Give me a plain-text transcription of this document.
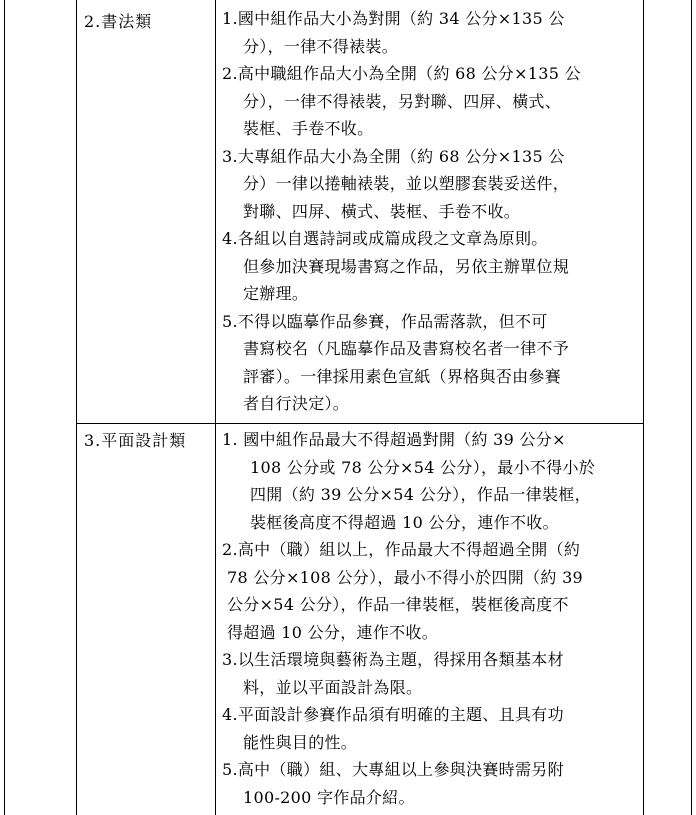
2.書法類	1.國中組作品大小為對開（約 34 公分×135 公
分），一律不得裱裝。
2.高中職組作品大小為全開（約 68 公分×135 公
分），一律不得裱裝，另對聯、四屏、橫式、
裝框、手卷不收。
3.大專組作品大小為全開（約 68 公分×135 公
分）一律以捲軸裱裝，並以塑膠套裝妥送件，
對聯、四屏、橫式、裝框、手卷不收。
4.各組以自選詩詞或成篇成段之文章為原則。
但參加決賽現場書寫之作品，另依主辦單位規
定辦理。
5.不得以臨摹作品參賽，作品需落款，但不可
書寫校名（凡臨摹作品及書寫校名者一律不予
評審）。一律採用素色宣紙（界格與否由參賽
者自行決定）。
3.平面設計類 1. 國中組作品最大不得超過對開（約 39 公分×
108 公分或 78 公分×54 公分），最小不得小於
四開（約 39 公分×54 公分），作品一律裝框，
裝框後高度不得超過 10 公分，連作不收。
2.高中（職）組以上，作品最大不得超過全開（約
78 公分×108 公分），最小不得小於四開（約 39
公分×54 公分），作品一律裝框，裝框後高度不
得超過 10 公分，連作不收。
3.以生活環境與藝術為主題，得採用各類基本材
料，並以平面設計為限。
4.平面設計參賽作品須有明確的主題、且具有功
能性與目的性。
5.高中（職）組、大專組以上參與決賽時需另附
100-200 字作品介紹。
